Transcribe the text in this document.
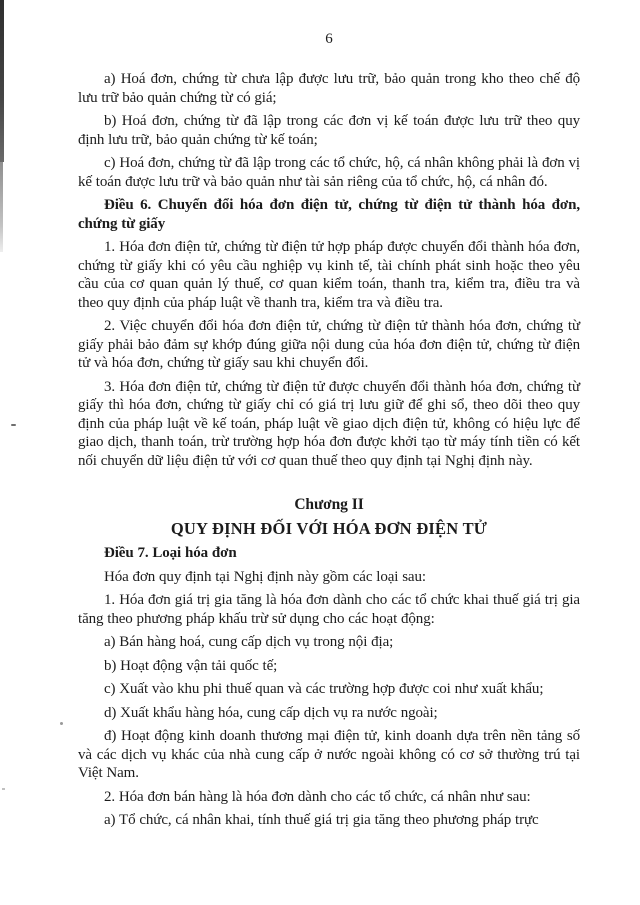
6

a) Hoá đơn, chứng từ chưa lập được lưu trữ, bảo quản trong kho theo chế độ lưu trữ bảo quản chứng từ có giá;

b) Hoá đơn, chứng từ đã lập trong các đơn vị kế toán được lưu trữ theo quy định lưu trữ, bảo quản chứng từ kế toán;

c) Hoá đơn, chứng từ đã lập trong các tổ chức, hộ, cá nhân không phải là đơn vị kế toán được lưu trữ và bảo quản như tài sản riêng của tổ chức, hộ, cá nhân đó.

Điều 6. Chuyển đổi hóa đơn điện tử, chứng từ điện tử thành hóa đơn, chứng từ giấy

1. Hóa đơn điện tử, chứng từ điện tử hợp pháp được chuyển đổi thành hóa đơn, chứng từ giấy khi có yêu cầu nghiệp vụ kinh tế, tài chính phát sinh hoặc theo yêu cầu của cơ quan quản lý thuế, cơ quan kiểm toán, thanh tra, kiểm tra, điều tra và theo quy định của pháp luật về thanh tra, kiểm tra và điều tra.

2. Việc chuyển đổi hóa đơn điện tử, chứng từ điện tử thành hóa đơn, chứng từ giấy phải bảo đảm sự khớp đúng giữa nội dung của hóa đơn điện tử, chứng từ điện tử và hóa đơn, chứng từ giấy sau khi chuyển đổi.

3. Hóa đơn điện tử, chứng từ điện tử được chuyển đổi thành hóa đơn, chứng từ giấy thì hóa đơn, chứng từ giấy chỉ có giá trị lưu giữ để ghi sổ, theo dõi theo quy định của pháp luật về kế toán, pháp luật về giao dịch điện tử, không có hiệu lực để giao dịch, thanh toán, trừ trường hợp hóa đơn được khởi tạo từ máy tính tiền có kết nối chuyển dữ liệu điện tử với cơ quan thuế theo quy định tại Nghị định này.

Chương II

QUY ĐỊNH ĐỐI VỚI HÓA ĐƠN ĐIỆN TỬ

Điều 7. Loại hóa đơn

Hóa đơn quy định tại Nghị định này gồm các loại sau:

1. Hóa đơn giá trị gia tăng là hóa đơn dành cho các tổ chức khai thuế giá trị gia tăng theo phương pháp khấu trừ sử dụng cho các hoạt động:

a) Bán hàng hoá, cung cấp dịch vụ trong nội địa;

b) Hoạt động vận tải quốc tế;

c) Xuất vào khu phi thuế quan và các trường hợp được coi như xuất khẩu;

d) Xuất khẩu hàng hóa, cung cấp dịch vụ ra nước ngoài;

đ) Hoạt động kinh doanh thương mại điện tử, kinh doanh dựa trên nền tảng số và các dịch vụ khác của nhà cung cấp ở nước ngoài không có cơ sở thường trú tại Việt Nam.

2. Hóa đơn bán hàng là hóa đơn dành cho các tổ chức, cá nhân như sau:

a) Tổ chức, cá nhân khai, tính thuế giá trị gia tăng theo phương pháp trực
